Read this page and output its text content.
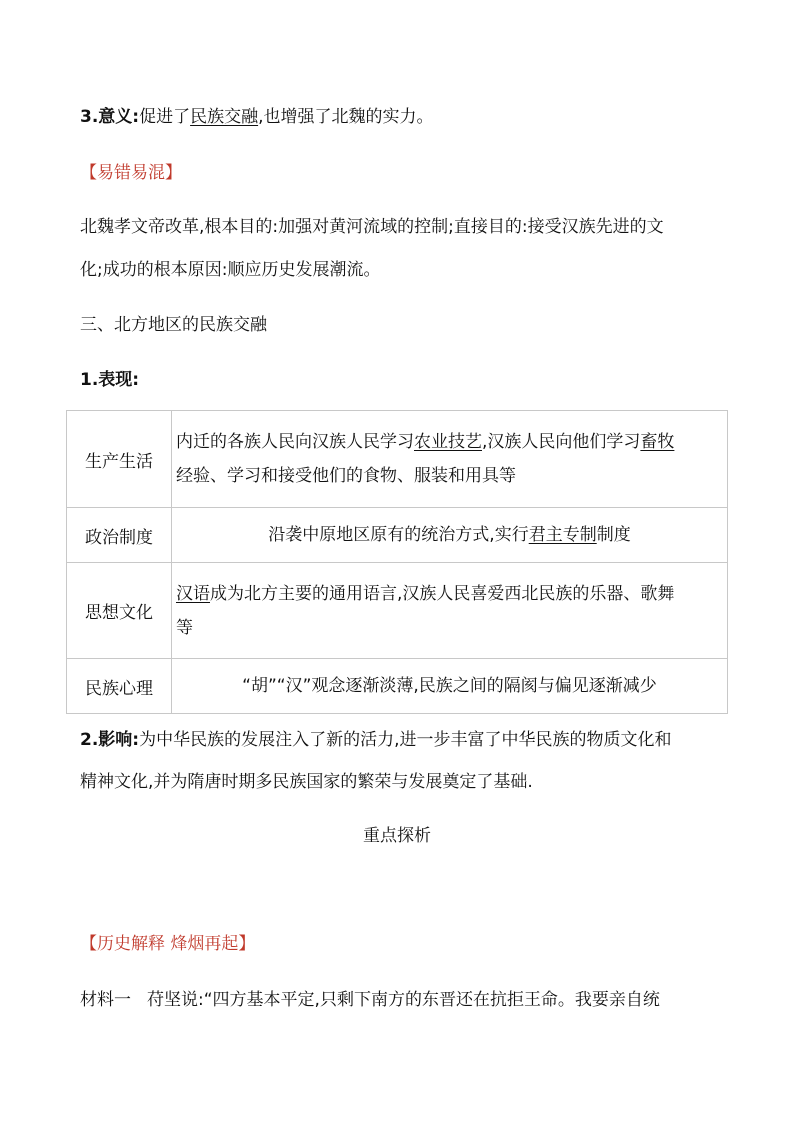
3.意义:促进了民族交融,也增强了北魏的实力。
【易错易混】
北魏孝文帝改革,根本目的:加强对黄河流域的控制;直接目的:接受汉族先进的文
化;成功的根本原因:顺应历史发展潮流。
三、北方地区的民族交融
1.表现:
生产生活	内迁的各族人民向汉族人民学习农业技艺,汉族人民向他们学习畜牧
经验、学习和接受他们的食物、服装和用具等

政治制度	沿袭中原地区原有的统治方式,实行君主专制制度
思想文化	汉语成为北方主要的通用语言,汉族人民喜爱西北民族的乐器、歌舞
等

民族心理	“胡”“汉”观念逐渐淡薄,民族之间的隔阂与偏见逐渐减少
2.影响:为中华民族的发展注入了新的活力,进一步丰富了中华民族的物质文化和
精神文化,并为隋唐时期多民族国家的繁荣与发展奠定了基础.
重点探析
【历史解释 烽烟再起】
材料一 苻坚说:“四方基本平定,只剩下南方的东晋还在抗拒王命。我要亲自统
